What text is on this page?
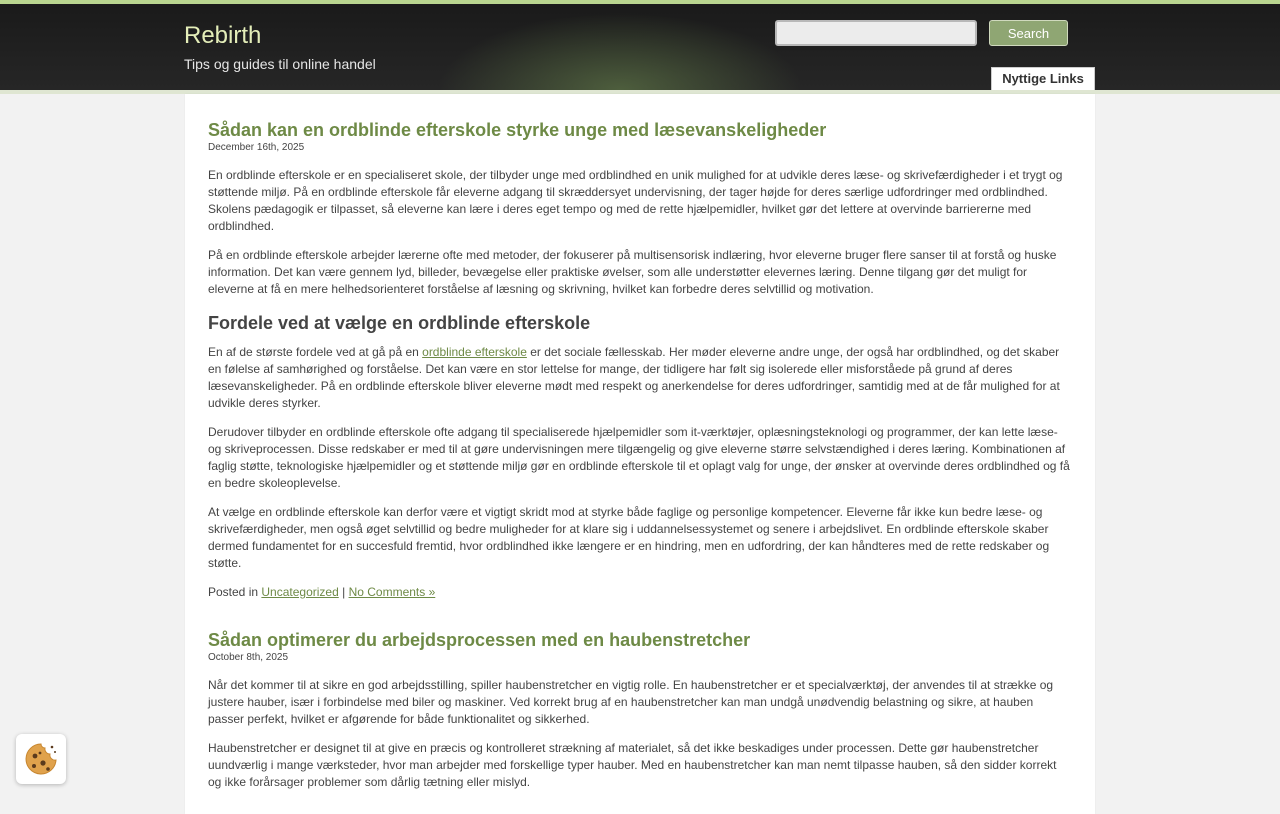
Rebirth
Tips og guides til online handel
Search
Nyttige Links
Sådan kan en ordblinde efterskole styrke unge med læsevanskeligheder
December 16th, 2025

En ordblinde efterskole er en specialiseret skole, der tilbyder unge med ordblindhed en unik mulighed for at udvikle deres læse- og skrivefærdigheder i et trygt og støttende miljø. På en ordblinde efterskole får eleverne adgang til skræddersyet undervisning, der tager højde for deres særlige udfordringer med ordblindhed. Skolens pædagogik er tilpasset, så eleverne kan lære i deres eget tempo og med de rette hjælpemidler, hvilket gør det lettere at overvinde barriererne med ordblindhed.

På en ordblinde efterskole arbejder lærerne ofte med metoder, der fokuserer på multisensorisk indlæring, hvor eleverne bruger flere sanser til at forstå og huske information. Det kan være gennem lyd, billeder, bevægelse eller praktiske øvelser, som alle understøtter elevernes læring. Denne tilgang gør det muligt for eleverne at få en mere helhedsorienteret forståelse af læsning og skrivning, hvilket kan forbedre deres selvtillid og motivation.

Fordele ved at vælge en ordblinde efterskole

En af de største fordele ved at gå på en ordblinde efterskole er det sociale fællesskab. Her møder eleverne andre unge, der også har ordblindhed, og det skaber en følelse af samhørighed og forståelse. Det kan være en stor lettelse for mange, der tidligere har følt sig isolerede eller misforståede på grund af deres læsevanskeligheder. På en ordblinde efterskole bliver eleverne mødt med respekt og anerkendelse for deres udfordringer, samtidig med at de får mulighed for at udvikle deres styrker.

Derudover tilbyder en ordblinde efterskole ofte adgang til specialiserede hjælpemidler som it-værktøjer, oplæsningsteknologi og programmer, der kan lette læse- og skriveprocessen. Disse redskaber er med til at gøre undervisningen mere tilgængelig og give eleverne større selvstændighed i deres læring. Kombinationen af faglig støtte, teknologiske hjælpemidler og et støttende miljø gør en ordblinde efterskole til et oplagt valg for unge, der ønsker at overvinde deres ordblindhed og få en bedre skoleoplevelse.

At vælge en ordblinde efterskole kan derfor være et vigtigt skridt mod at styrke både faglige og personlige kompetencer. Eleverne får ikke kun bedre læse- og skrivefærdigheder, men også øget selvtillid og bedre muligheder for at klare sig i uddannelsessystemet og senere i arbejdslivet. En ordblinde efterskole skaber dermed fundamentet for en succesfuld fremtid, hvor ordblindhed ikke længere er en hindring, men en udfordring, der kan håndteres med de rette redskaber og støtte.

Posted in Uncategorized | No Comments »

Sådan optimerer du arbejdsprocessen med en haubenstretcher
October 8th, 2025

Når det kommer til at sikre en god arbejdsstilling, spiller haubenstretcher en vigtig rolle. En haubenstretcher er et specialværktøj, der anvendes til at strække og justere hauber, især i forbindelse med biler og maskiner. Ved korrekt brug af en haubenstretcher kan man undgå unødvendig belastning og sikre, at hauben passer perfekt, hvilket er afgørende for både funktionalitet og sikkerhed.

Haubenstretcher er designet til at give en præcis og kontrolleret strækning af materialet, så det ikke beskadiges under processen. Dette gør haubenstretcher uundværlig i mange værksteder, hvor man arbejder med forskellige typer hauber. Med en haubenstretcher kan man nemt tilpasse hauben, så den sidder korrekt og ikke forårsager problemer som dårlig tætning eller mislyd.
